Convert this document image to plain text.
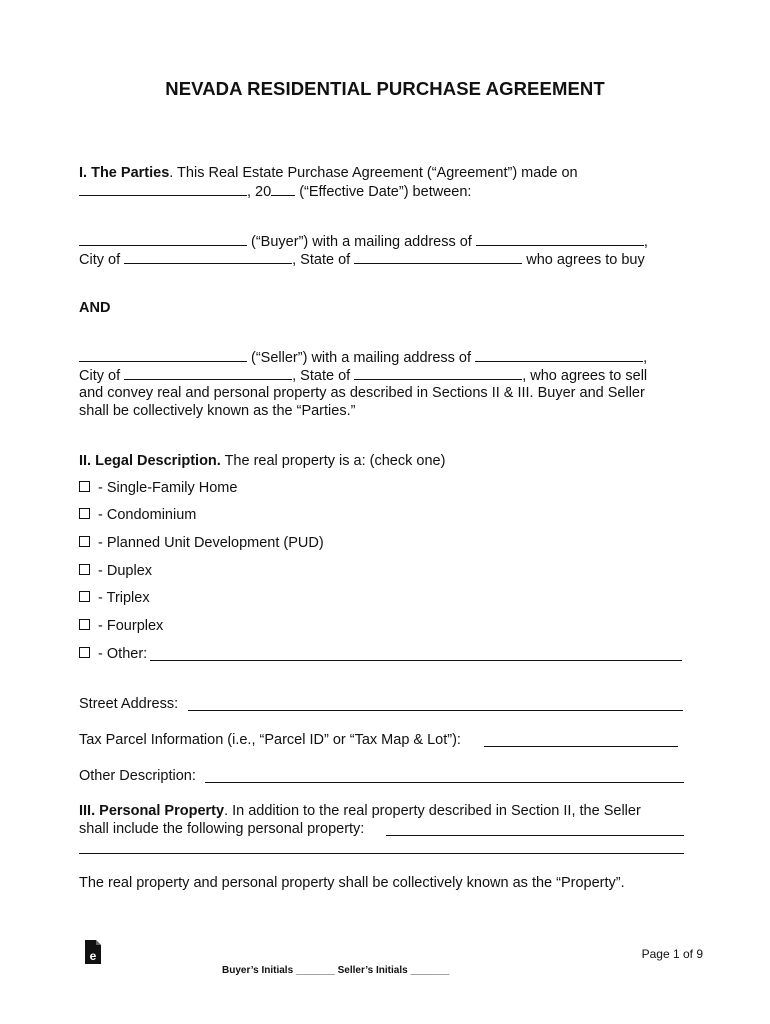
NEVADA RESIDENTIAL PURCHASE AGREEMENT
I. The Parties. This Real Estate Purchase Agreement (“Agreement”) made on
, 20 (“Effective Date”) between:
(“Buyer”) with a mailing address of	,
City of	, State of	who agrees to buy
AND
(“Seller”) with a mailing address of	,
City of	, State of	, who agrees to sell
and convey real and personal property as described in Sections II & III. Buyer and Seller
shall be collectively known as the “Parties.”
II. Legal Description. The real property is a: (check one)
- Single-Family Home
- Condominium
- Planned Unit Development (PUD)
- Duplex
- Triplex
- Fourplex
- Other:
Street Address:
Tax Parcel Information (i.e., “Parcel ID” or “Tax Map & Lot”):
Other Description:
III. Personal Property. In addition to the real property described in Section II, the Seller
shall include the following personal property:
The real property and personal property shall be collectively known as the “Property”.
e	Page 1 of 9
Buyer’s Initials _______ Seller’s Initials _______
